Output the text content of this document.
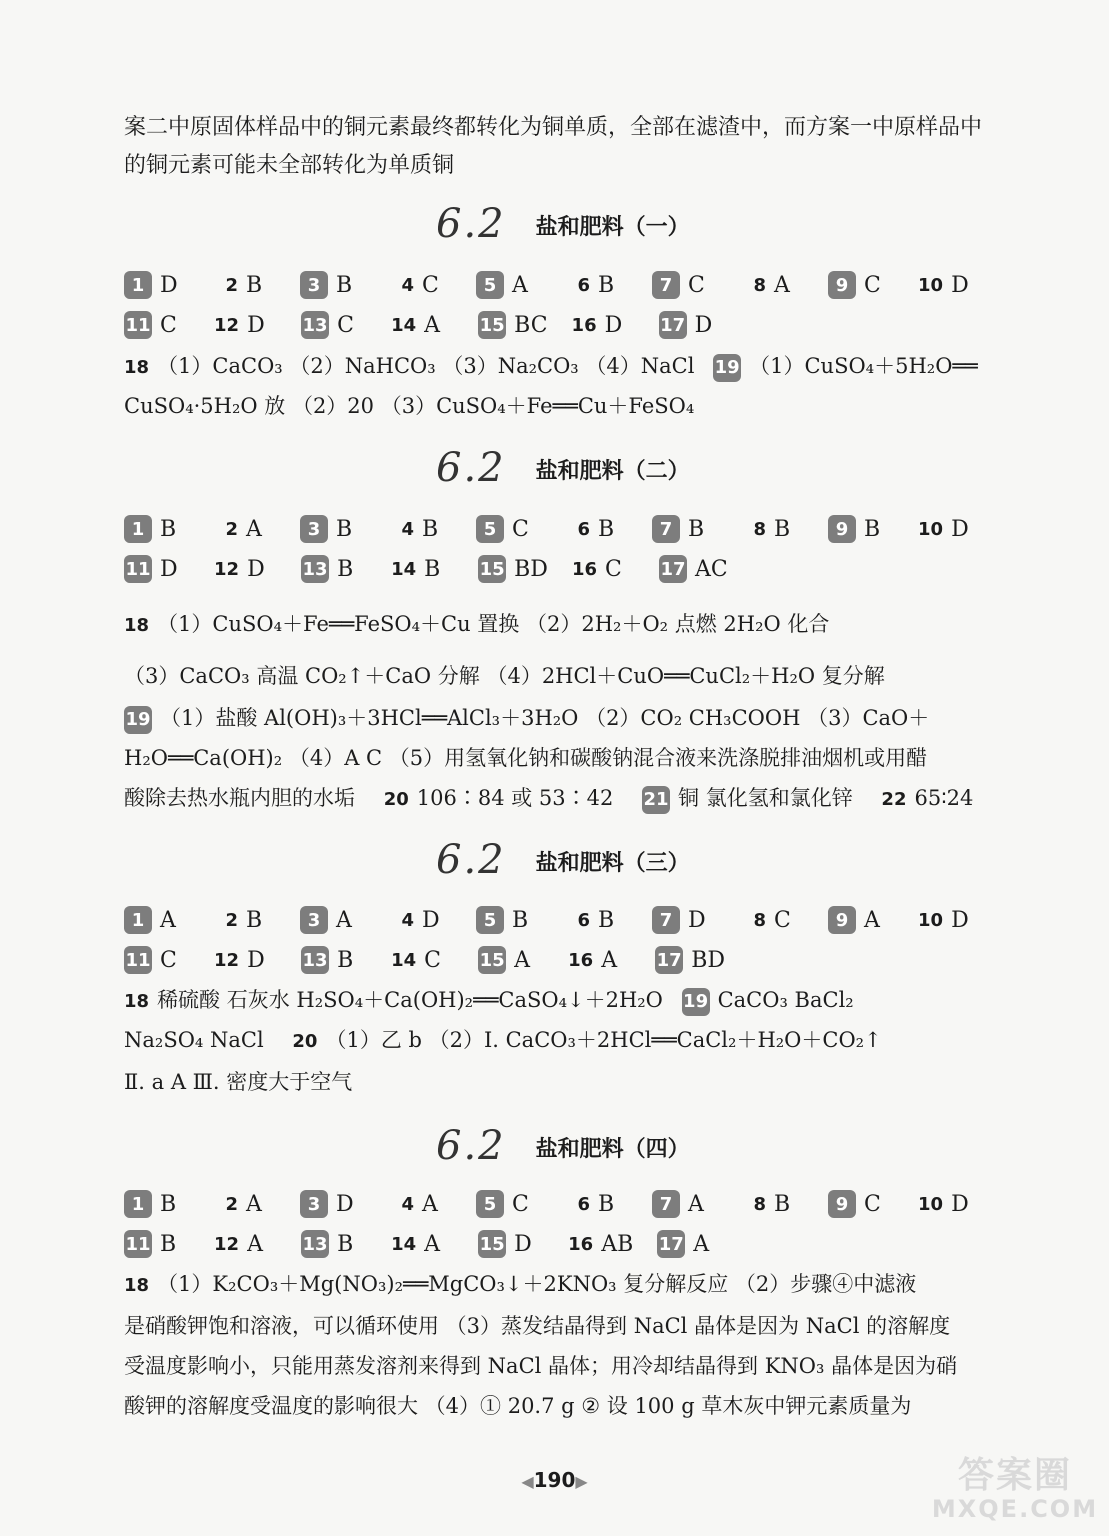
案二中原固体样品中的铜元素最终都转化为铜单质，全部在滤渣中，而方案一中原样品中
的铜元素可能未全部转化为单质铜
6.2 盐和肥料（一）
1 D	2 B	3 B	4 C	5 A	6 B	7 C	8 A	9 C	10 D
11 C	12 D	13 C	14 A	15 BC 16 D	17 D
18 （1）CaCO₃ （2）NaHCO₃ （3）Na₂CO₃ （4）NaCl 19 （1）CuSO₄＋5H₂O══
CuSO₄·5H₂O 放 （2）20 （3）CuSO₄＋Fe══Cu＋FeSO₄
6.2 盐和肥料（二）
1 B	2 A	3 B	4 B	5 C	6 B	7 B	8 B	9 B	10 D
11 D	12 D	13 B	14 B	15 BD 16 C	17 AC
18 （1）CuSO₄＋Fe══FeSO₄＋Cu 置换 （2）2H₂＋O₂ 点燃 2H₂O 化合
（3）CaCO₃ 高温 CO₂↑＋CaO 分解 （4）2HCl＋CuO══CuCl₂＋H₂O 复分解
19 （1）盐酸 Al(OH)₃＋3HCl══AlCl₃＋3H₂O （2）CO₂ CH₃COOH （3）CaO＋
H₂O══Ca(OH)₂ （4）A C （5）用氢氧化钠和碳酸钠混合液来洗涤脱排油烟机或用醋
酸除去热水瓶内胆的水垢 20 106∶84 或 53∶42 21 铜 氯化氢和氯化锌 22 65∶24
6.2 盐和肥料（三）
1 A	2 B	3 A	4 D	5 B	6 B	7 D	8 C	9 A	10 D
11 C	12 D	13 B	14 C	15 A	16 A	17 BD
18 稀硫酸 石灰水 H₂SO₄＋Ca(OH)₂══CaSO₄↓＋2H₂O 19 CaCO₃ BaCl₂
Na₂SO₄ NaCl 20 （1）乙 b （2）Ⅰ. CaCO₃＋2HCl══CaCl₂＋H₂O＋CO₂↑
Ⅱ. a A Ⅲ. 密度大于空气
6.2 盐和肥料（四）
1 B	2 A	3 D	4 A	5 C	6 B	7 A	8 B	9 C	10 D
11 B	12 A	13 B	14 A	15 D	16 AB 17 A
18 （1）K₂CO₃＋Mg(NO₃)₂══MgCO₃↓＋2KNO₃ 复分解反应 （2）步骤④中滤液
是硝酸钾饱和溶液，可以循环使用 （3）蒸发结晶得到 NaCl 晶体是因为 NaCl 的溶解度
受温度影响小，只能用蒸发溶剂来得到 NaCl 晶体；用冷却结晶得到 KNO₃ 晶体是因为硝
酸钾的溶解度受温度的影响很大 （4）① 20.7 g ② 设 100 g 草木灰中钾元素质量为
◀190▶	答案圈
MXQE.COM
